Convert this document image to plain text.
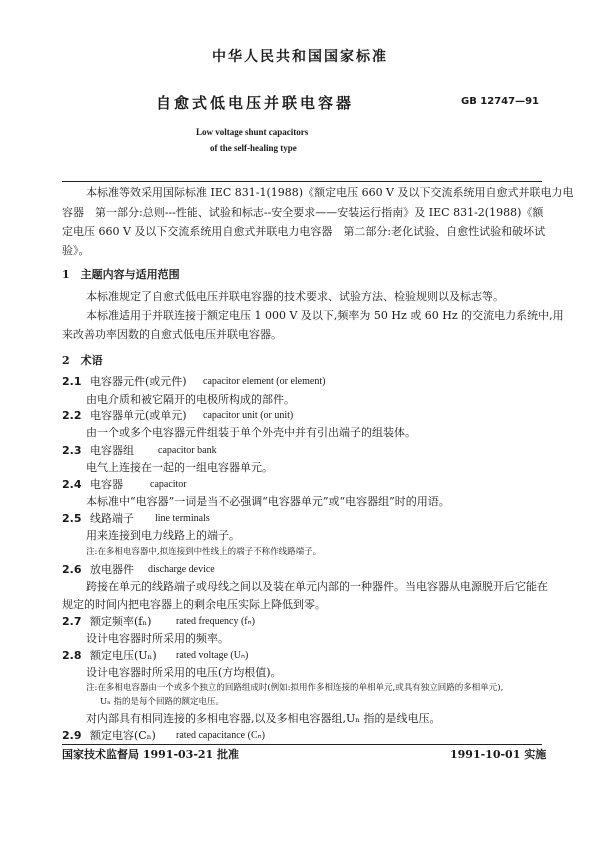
中华人民共和国国家标准
自愈式低电压并联电容器	GB 12747—91
Low voltage shunt capacitors
of the self-healing type
本标准等效采用国际标准 IEC 831-1(1988)《额定电压 660 V 及以下交流系统用自愈式并联电力电
容器　第一部分:总则---性能、试验和标志--安全要求——安装运行指南》及 IEC 831-2(1988)《额
定电压 660 V 及以下交流系统用自愈式并联电力电容器　第二部分:老化试验、自愈性试验和破坏试
验》。
1　主题内容与适用范围
本标准规定了自愈式低电压并联电容器的技术要求、试验方法、检验规则以及标志等。
本标准适用于并联连接于额定电压 1 000 V 及以下,频率为 50 Hz 或 60 Hz 的交流电力系统中,用
来改善功率因数的自愈式低电压并联电容器。
2　术语
2.1 电容器元件(或元件) capacitor element (or element)
由电介质和被它隔开的电极所构成的部件。
2.2 电容器单元(或单元) capacitor unit (or unit)
由一个或多个电容器元件组装于单个外壳中并有引出端子的组装体。
2.3 电容器组 capacitor bank
电气上连接在一起的一组电容器单元。
2.4 电容器	capacitor
本标准中“电容器”一词是当不必强调“电容器单元”或“电容器组”时的用语。
2.5 线路端子 line terminals
用来连接到电力线路上的端子。
注:在多相电容器中,拟连接到中性线上的端子不称作线路端子。
2.6 放电器件 discharge device
跨接在单元的线路端子或母线之间以及装在单元内部的一种器件。当电容器从电源脱开后它能在
规定的时间内把电容器上的剩余电压实际上降低到零。
2.7 额定频率(fₙ) rated frequency (fₙ)
设计电容器时所采用的频率。
2.8 额定电压(Uₙ) rated voltage (Uₙ)
设计电容器时所采用的电压(方均根值)。
注:在多相电容器由一个或多个独立的回路组成时(例如:拟用作多相连接的单相单元,或具有独立回路的多相单元),
Uₙ 指的是每个回路的额定电压。
对内部具有相同连接的多相电容器,以及多相电容器组,Uₙ 指的是线电压。
2.9 额定电容(Cₙ) rated capacitance (Cₙ)
国家技术监督局 1991-03-21 批准	1991-10-01 实施
